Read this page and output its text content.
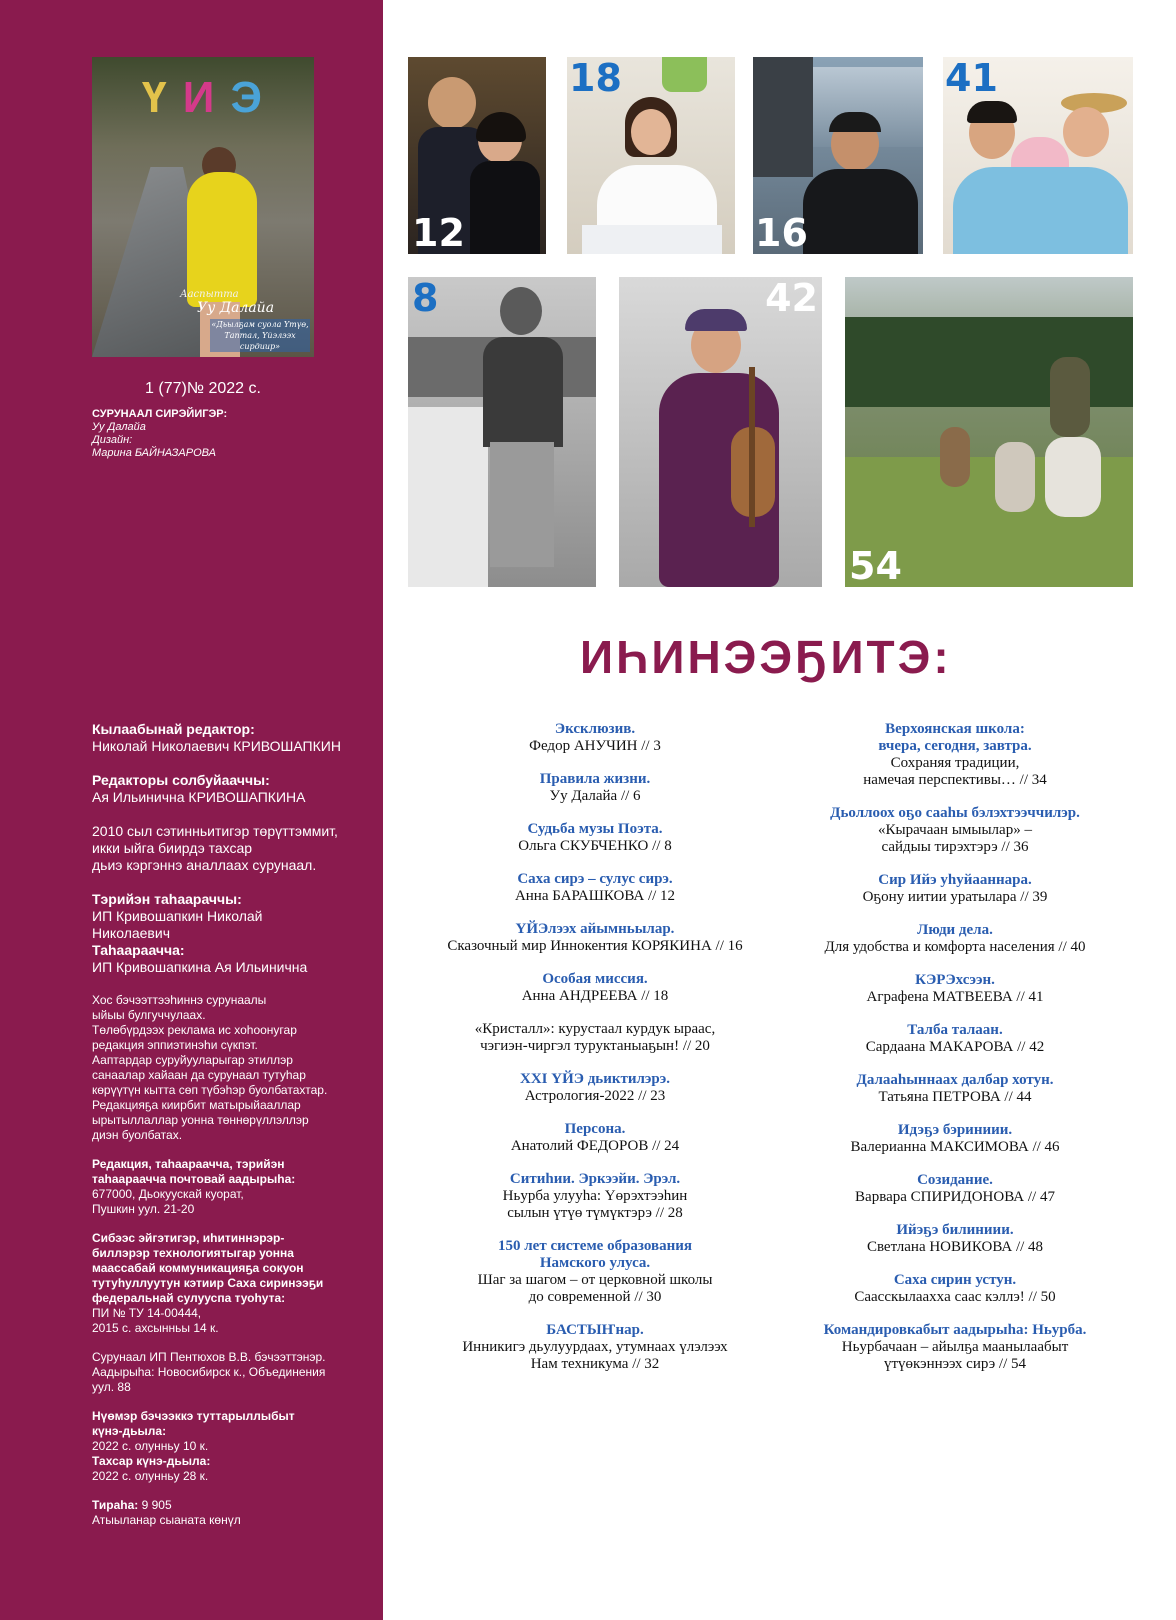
Ү И Э
Ааспытта
Уу Далайа
«Дьылҕам суола Үтүө, Таптал, Үйэлээх сирдиир»
1 (77)№ 2022 с.
СУРУНААЛ СИРЭЙИГЭР:
Уу Далайа
Дизайн:
Марина БАЙНАЗАРОВА
Кылаабынай редактор:
Николай Николаевич КРИВОШАПКИН
Редакторы солбуйааччы:
Ая Ильинична КРИВОШАПКИНА
2010 сыл сэтинньитигэр төрүттэммит,
икки ыйга биирдэ тахсар
дьиэ кэргэннэ аналлаах сурунаал.
Тэрийэн таһаараччы:
ИП Кривошапкин Николай
Николаевич
Таһаараачча:
ИП Кривошапкина Ая Ильинична
Хос бэчээттээһиннэ сурунаалы
ыйыы булгуччулаах.
Төлөбүрдээх реклама ис хоһоонугар
редакция эппиэтинэһи сүкпэт.
Ааптардар суруйууларыгар этиллэр
санаалар хайаан да сурунаал тутуһар
көрүүтүн кытта сөп түбэһэр буолбатахтар.
Редакцияҕа киирбит матырыйааллар
ырытыллаллар уонна төннөрүллэллэр
диэн буолбатах.
Редакция, таһаараачча, тэрийэн
таһаараачча почтовай аадырыһа:
677000, Дьокуускай куорат,
Пушкин уул. 21-20
Сибээс эйгэтигэр, иһитиннэрэр-
биллэрэр технологиятыгар уонна
маассабай коммуникацияҕа сокуон
тутуһуллуутун кэтиир Саха сиринээҕи
федеральнай сулууспа туоһута:
ПИ № ТУ 14-00444,
2015 с. ахсынньы 14 к.
Сурунаал ИП Пентюхов В.В. бэчээттэнэр.
Аадырыһа: Новосибирск к., Объединения
уул. 88
Нүөмэр бэчээккэ туттарыллыбыт
күнэ-дьыла:
2022 с. олунньу 10 к.
Тахсар күнэ-дьыла:
2022 с. олунньу 28 к.
Тираһа: 9 905
Атыыланар сыаната көнүл
12
18
16
41
8	42
54
ИҺИНЭЭҔИТЭ:
Эксклюзив.
Федор АНУЧИН // 3
Правила жизни.
Уу Далайа // 6
Судьба музы Поэта.
Ольга СКУБЧЕНКО // 8
Саха сирэ – сулус сирэ.
Анна БАРАШКОВА // 12
ҮЙЭлээх айымньылар.
Сказочный мир Иннокентия КОРЯКИНА // 16
Особая миссия.
Анна АНДРЕЕВА // 18
«Кристалл»: курустаал курдук ыраас,
чэгиэн-чиргэл туруктаныаҕын! // 20
XXI ҮЙЭ дьиктилэрэ.
Астрология-2022 // 23
Персона.
Анатолий ФЕДОРОВ // 24
Ситиһии. Эркээйи. Эрэл.
Ньурба улууһа: Үөрэхтээһин
сылын үтүө түмүктэрэ // 28
150 лет системе образования
Намского улуса.
Шаг за шагом – от церковной школы
до современной // 30
БАСТЫҤнар.
Инникигэ дьулуурдаах, утумнаах үлэлээх
Нам техникума // 32
Верхоянская школа:
вчера, сегодня, завтра.
Сохраняя традиции,
намечая перспективы… // 34
Дьоллоох оҕо сааһы бэлэхтээччилэр.
«Кырачаан ымыылар» –
сайдыы тирэхтэрэ // 36
Сир Ийэ уһуйааннара.
Оҕону иитии уратылара // 39
Люди дела.
Для удобства и комфорта населения // 40
КЭРЭхсээн.
Аграфена МАТВЕЕВА // 41
Талба талаан.
Сардаана МАКАРОВА // 42
Далааһыннаах далбар хотун.
Татьяна ПЕТРОВА // 44
Идэҕэ бэриниии.
Валерианна МАКСИМОВА // 46
Созидание.
Варвара СПИРИДОНОВА // 47
Ийэҕэ билиниии.
Светлана НОВИКОВА // 48
Саха сирин устун.
Саасскылааххa саас кэллэ! // 50
Командировкабыт аадырыһа: Ньурба.
Ньурбачаан – айылҕа маанылаабыт
үтүөкэннээх сирэ // 54
